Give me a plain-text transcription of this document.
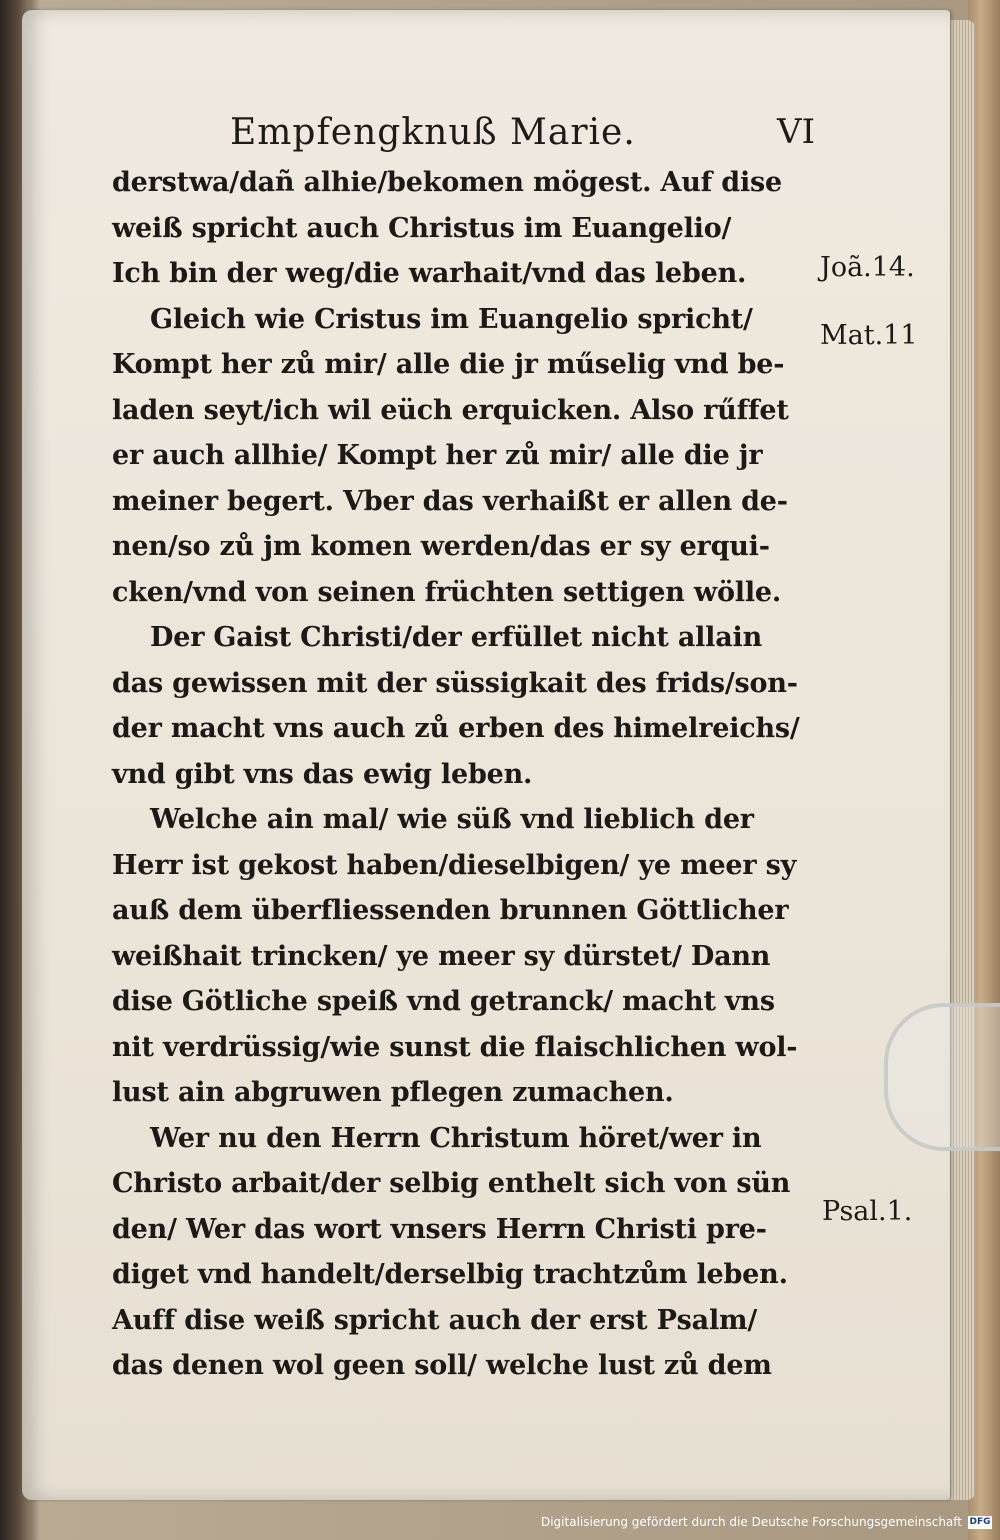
Empfengknuß Marie.	VI
derstwa/dañ alhie/bekomen mögest. Auf dise
weiß spricht auch Christus im Euangelio/
Ich bin der weg/die warhait/vnd das leben.
Gleich wie Cristus im Euangelio spricht/
Kompt her zů mir/ alle die jr műselig vnd be-
laden seyt/ich wil eüch erquicken. Also rűffet
er auch allhie/ Kompt her zů mir/ alle die jr
meiner begert. Vber das verhaißt er allen de-
nen/so zů jm komen werden/das er sy erqui-
cken/vnd von seinen früchten settigen wölle.
Der Gaist Christi/der erfüllet nicht allain
das gewissen mit der süssigkait des frids/son-
der macht vns auch zů erben des himelreichs/
vnd gibt vns das ewig leben.
Welche ain mal/ wie süß vnd lieblich der
Herr ist gekost haben/dieselbigen/ ye meer sy
auß dem überfliessenden brunnen Göttlicher
weißhait trincken/ ye meer sy dürstet/ Dann
dise Götliche speiß vnd getranck/ macht vns
nit verdrüssig/wie sunst die flaischlichen wol-
lust ain abgruwen pflegen zumachen.
Wer nu den Herrn Christum höret/wer in
Christo arbait/der selbig enthelt sich von sün
den/ Wer das wort vnsers Herrn Christi pre-
diget vnd handelt/derselbig trachtzům leben.
Auff dise weiß spricht auch der erst Psalm/
das denen wol geen soll/ welche lust zů dem
Joã.14.
Mat.11
Psal.1.
Digitalisierung gefördert durch die Deutsche Forschungsgemeinschaft DFG
